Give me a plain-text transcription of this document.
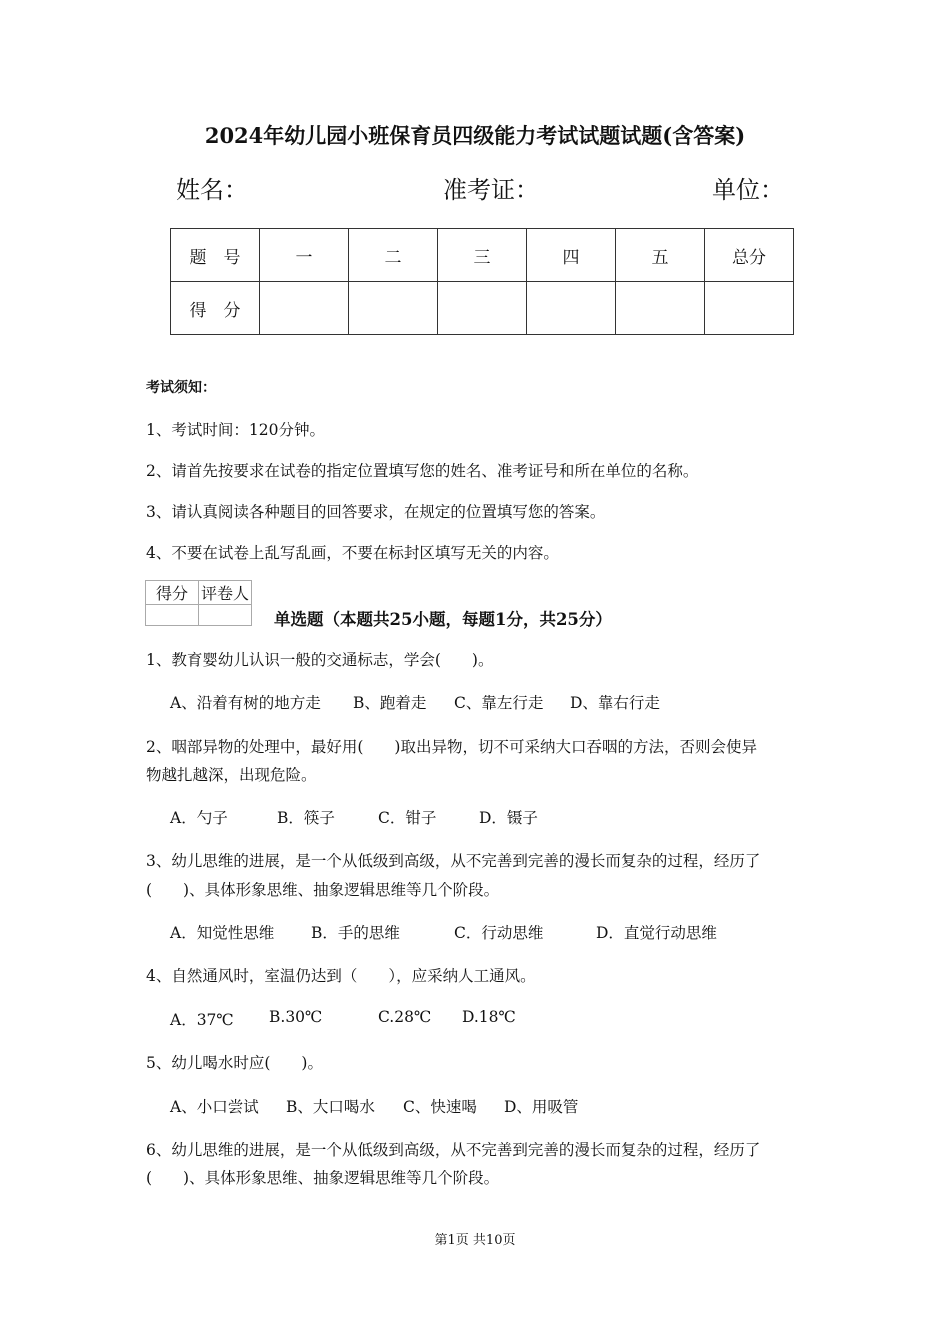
2024年幼儿园小班保育员四级能力考试试题试题(含答案)
姓名：	准考证：	单位：
题　号	一	二	三	四	五	总分
得　分						
考试须知：
1、考试时间：120分钟。
2、请首先按要求在试卷的指定位置填写您的姓名、准考证号和所在单位的名称。
3、请认真阅读各种题目的回答要求，在规定的位置填写您的答案。
4、不要在试卷上乱写乱画，不要在标封区填写无关的内容。
得分	评卷人

单选题（本题共25小题，每题1分，共25分）
1、教育婴幼儿认识一般的交通标志，学会(　　)。
A、沿着有树的地方走 B、跑着走 C、靠左行走 D、靠右行走
2、咽部异物的处理中，最好用(　　)取出异物，切不可采纳大口吞咽的方法，否则会使异
物越扎越深，出现危险。
A．勺子	B．筷子	C．钳子	D．镊子
3、幼儿思维的进展，是一个从低级到高级，从不完善到完善的漫长而复杂的过程，经历了
(　　)、具体形象思维、抽象逻辑思维等几个阶段。
A．知觉性思维 B．手的思维	C．行动思维	D．直觉行动思维
4、自然通风时，室温仍达到（　　），应采纳人工通风。
A．37℃ B.30℃	C.28℃ D.18℃
5、幼儿喝水时应(　　)。
A、小口尝试 B、大口喝水 C、快速喝 D、用吸管
6、幼儿思维的进展，是一个从低级到高级，从不完善到完善的漫长而复杂的过程，经历了
(　　)、具体形象思维、抽象逻辑思维等几个阶段。
第1页 共10页
